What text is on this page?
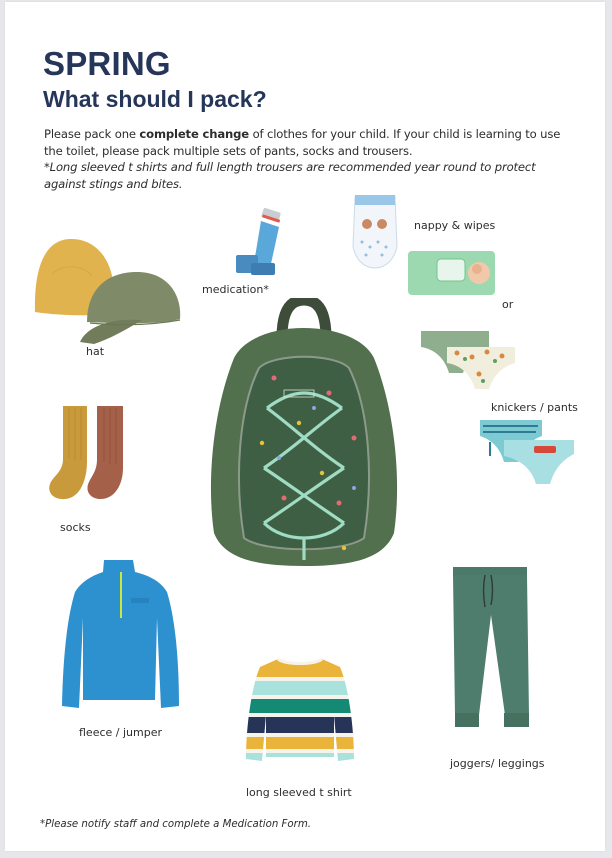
SPRING
What should I pack?
Please pack one complete change of clothes for your child. If your child is learning to use the toilet, please pack multiple sets of pants, socks and trousers.
*Long sleeved t shirts and full length trousers are recommended year round to protect against stings and bites.
hat
medication*
nappy & wipes
or
knickers / pants
socks
fleece / jumper
long sleeved t shirt
joggers/ leggings
*Please notify staff and complete a Medication Form.
